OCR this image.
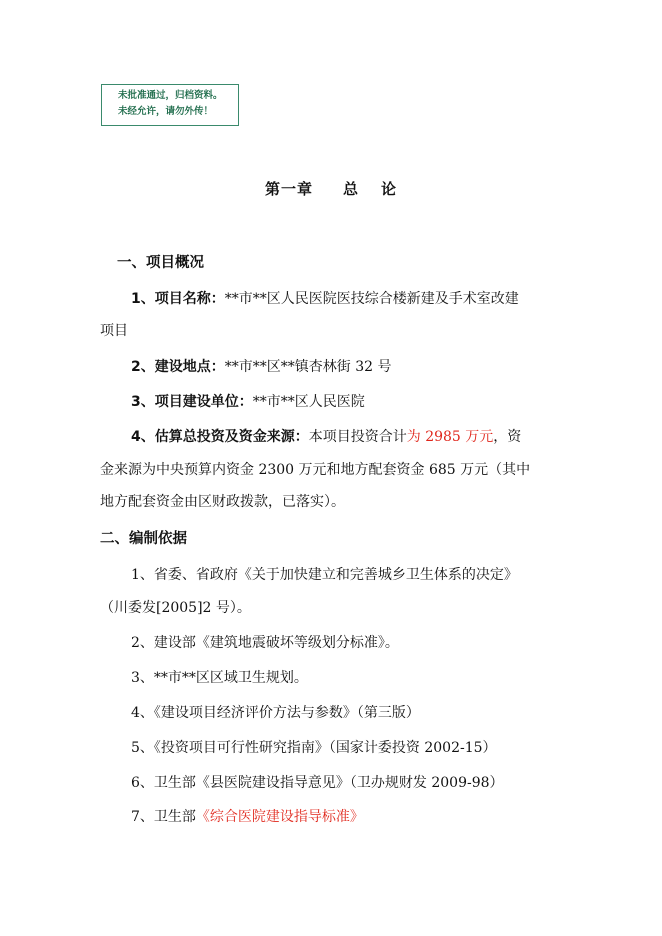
未批准通过，归档资料。
未经允许，请勿外传！
第一章 总 论
一、项目概况
1、项目名称：**市**区人民医院医技综合楼新建及手术室改建
项目
2、建设地点：**市**区**镇杏林街 32 号
3、项目建设单位：**市**区人民医院
4、估算总投资及资金来源：本项目投资合计为 2985 万元，资
金来源为中央预算内资金 2300 万元和地方配套资金 685 万元（其中
地方配套资金由区财政拨款，已落实）。
二、编制依据
1、省委、省政府《关于加快建立和完善城乡卫生体系的决定》
（川委发[2005]2 号）。
2、建设部《建筑地震破坏等级划分标准》。
3、**市**区区域卫生规划。
4、《建设项目经济评价方法与参数》（第三版）
5、《投资项目可行性研究指南》（国家计委投资 2002-15）
6、卫生部《县医院建设指导意见》（卫办规财发 2009-98）
7、卫生部《综合医院建设指导标准》
